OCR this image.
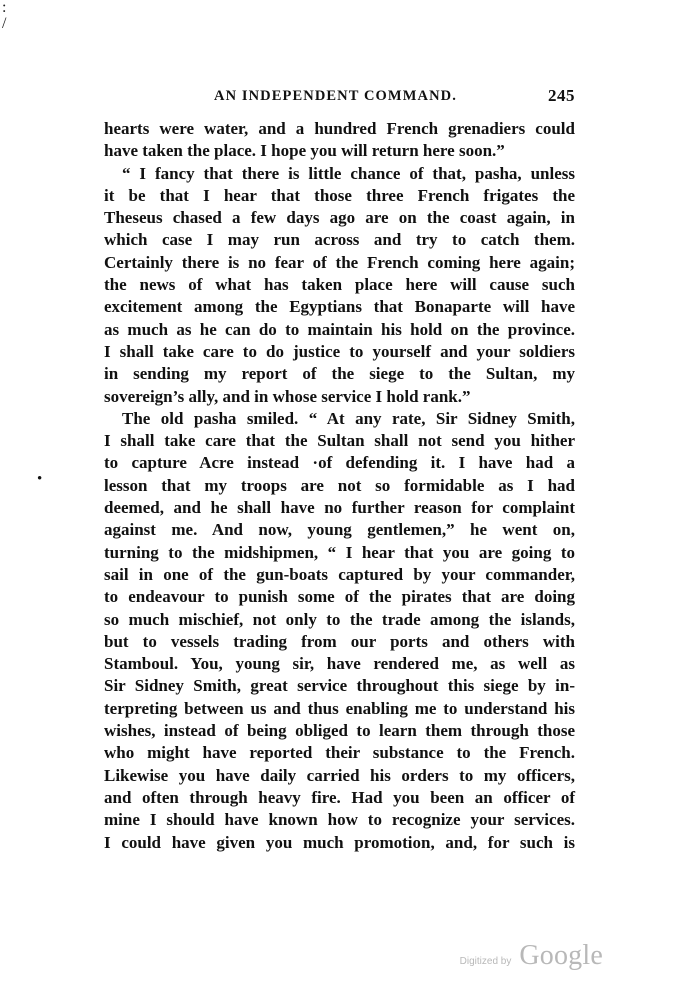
: /
AN INDEPENDENT COMMAND.	245
•
hearts were water, and a hundred French grenadiers could
have taken the place. I hope you will return here soon.”
“ I fancy that there is little chance of that, pasha, unless
it be that I hear that those three French frigates the
Theseus chased a few days ago are on the coast again, in
which case I may run across and try to catch them.
Certainly there is no fear of the French coming here again;
the news of what has taken place here will cause such
excitement among the Egyptians that Bonaparte will have
as much as he can do to maintain his hold on the province.
I shall take care to do justice to yourself and your soldiers
in sending my report of the siege to the Sultan, my
sovereign’s ally, and in whose service I hold rank.”
The old pasha smiled. “ At any rate, Sir Sidney Smith,
I shall take care that the Sultan shall not send you hither
to capture Acre instead ·of defending it. I have had a
lesson that my troops are not so formidable as I had
deemed, and he shall have no further reason for complaint
against me. And now, young gentlemen,” he went on,
turning to the midshipmen, “ I hear that you are going to
sail in one of the gun-boats captured by your commander,
to endeavour to punish some of the pirates that are doing
so much mischief, not only to the trade among the islands,
but to vessels trading from our ports and others with
Stamboul. You, young sir, have rendered me, as well as
Sir Sidney Smith, great service throughout this siege by in-
terpreting between us and thus enabling me to understand his
wishes, instead of being obliged to learn them through those
who might have reported their substance to the French.
Likewise you have daily carried his orders to my officers,
and often through heavy fire. Had you been an officer of
mine I should have known how to recognize your services.
I could have given you much promotion, and, for such is
Digitized by Google
